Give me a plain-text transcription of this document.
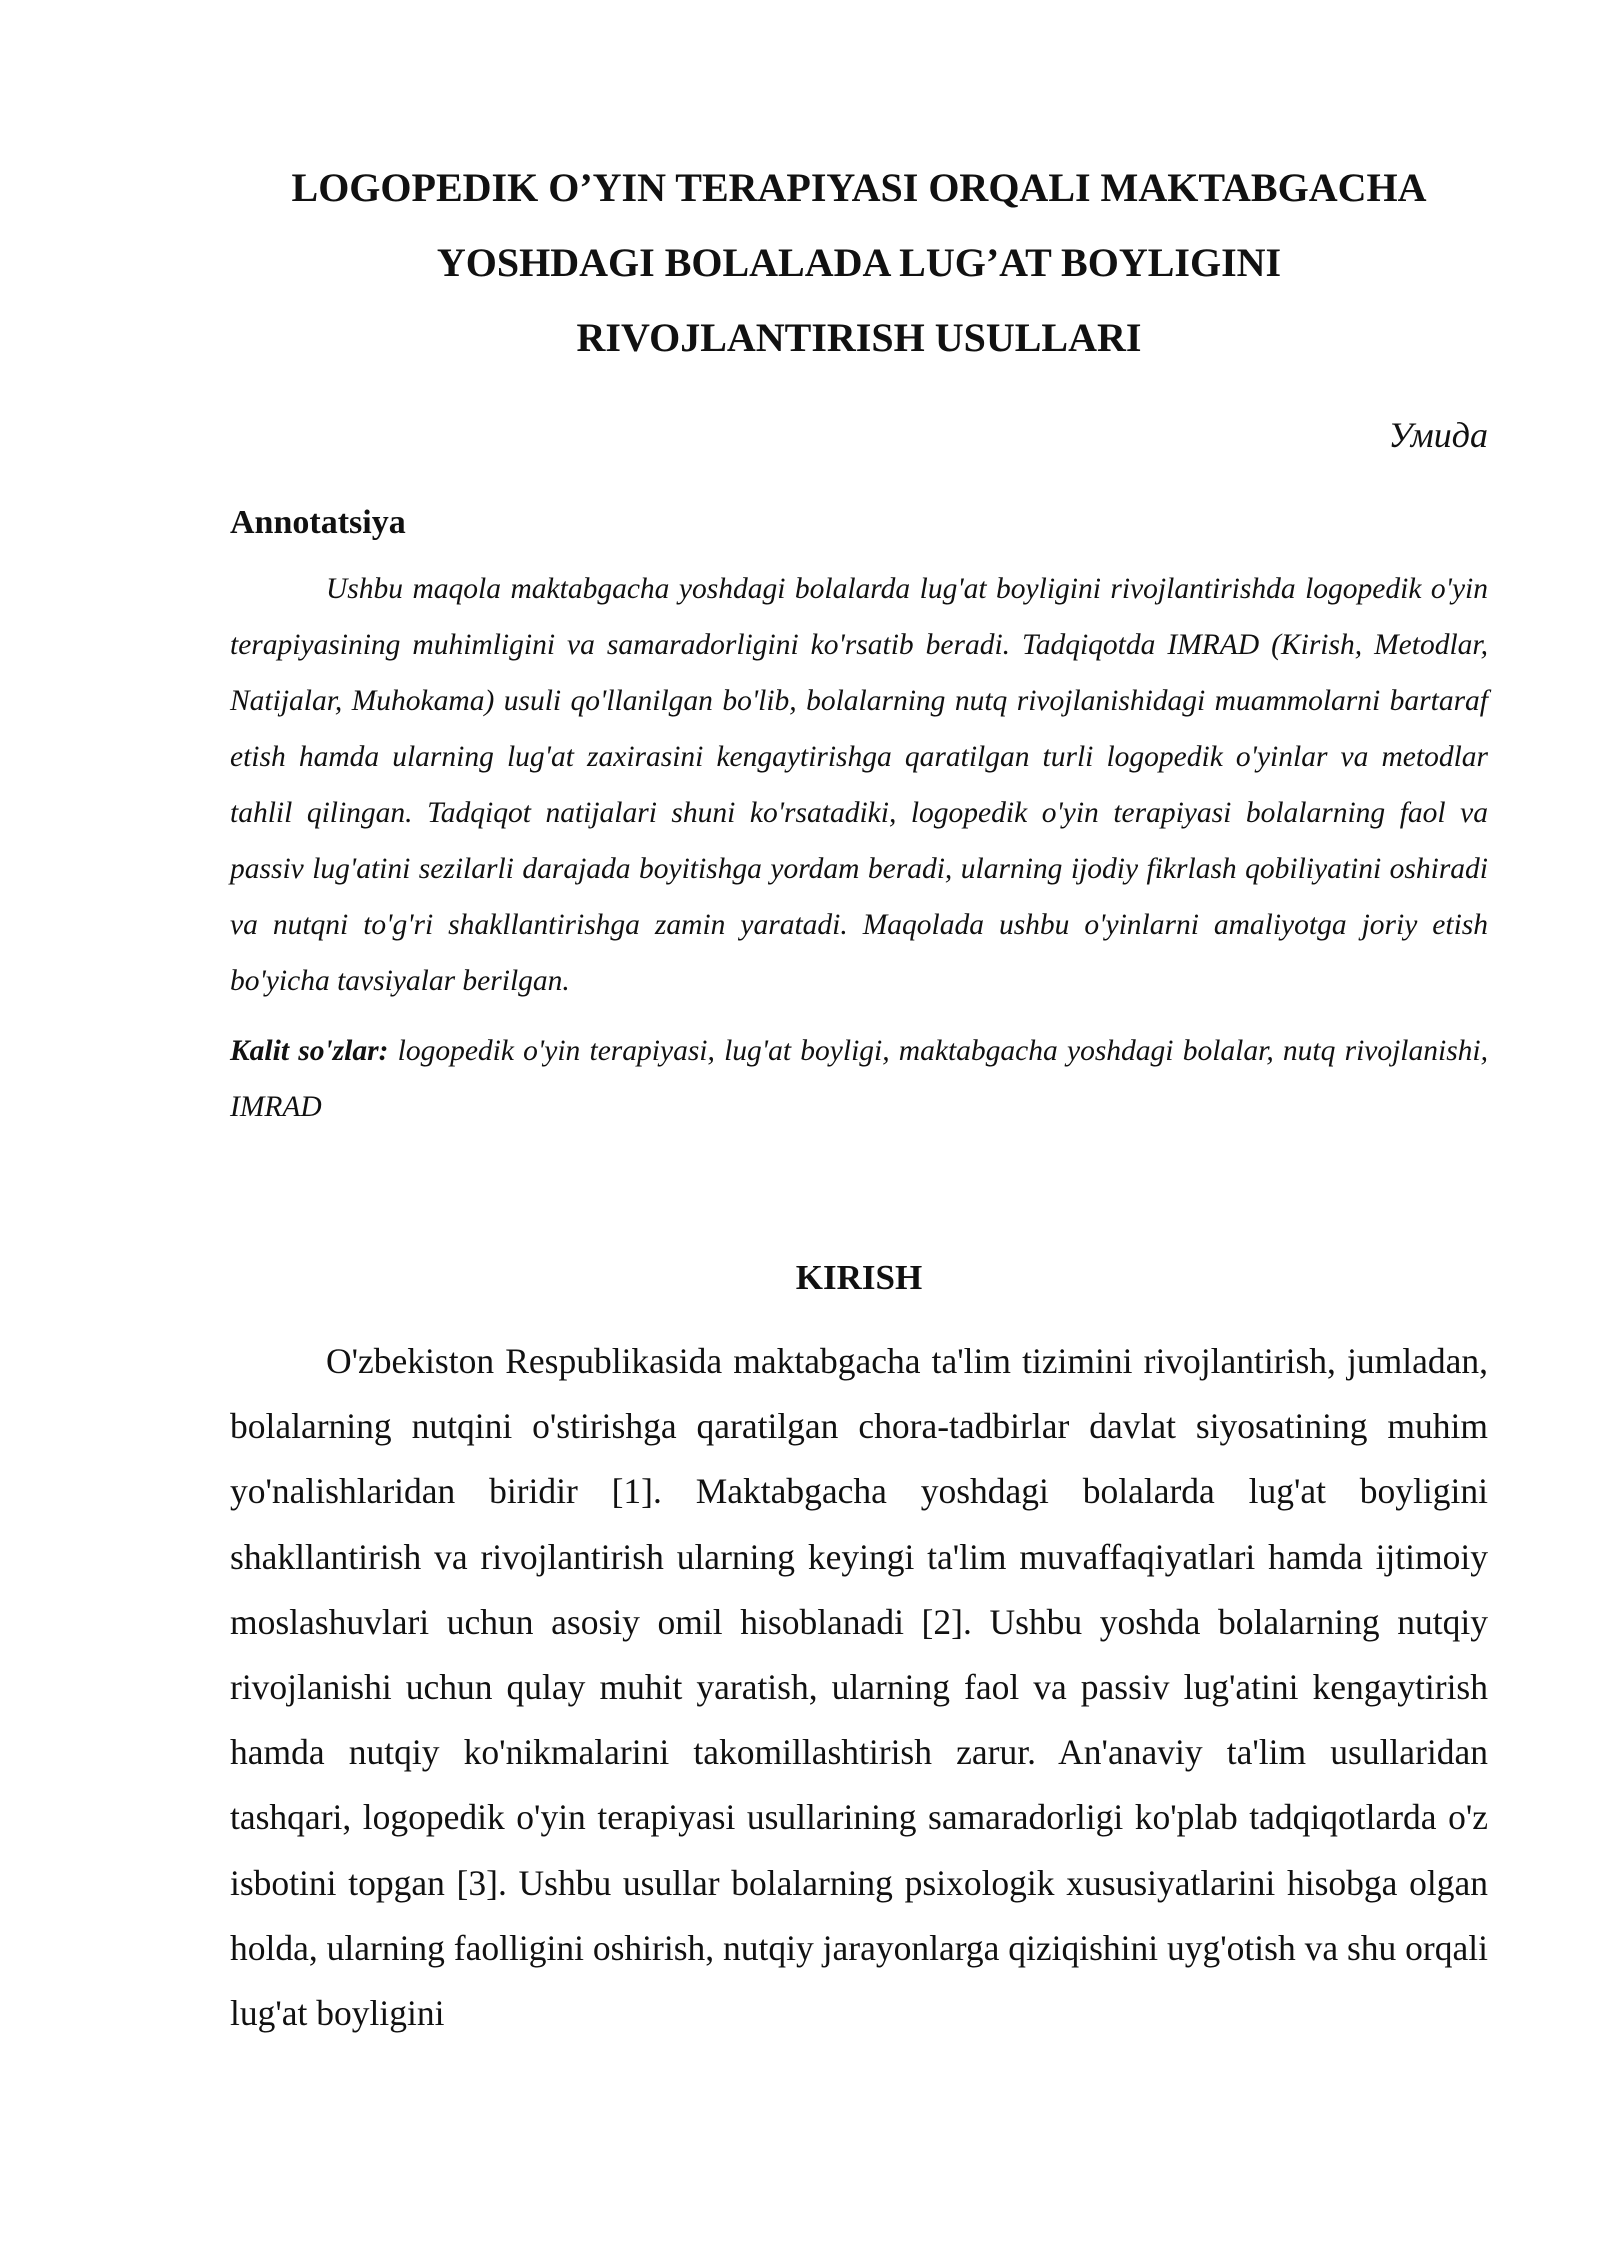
LOGOPEDIK O’YIN TERAPIYASI ORQALI MAKTABGACHA
YOSHDAGI BOLALADA LUG’AT BOYLIGINI
RIVOJLANTIRISH USULLARI
Умида
Annotatsiya

Ushbu maqola maktabgacha yoshdagi bolalarda lug'at boyligini rivojlantirishda logopedik o'yin terapiyasining muhimligini va samaradorligini ko'rsatib beradi. Tadqiqotda IMRAD (Kirish, Metodlar, Natijalar, Muhokama) usuli qo'llanilgan bo'lib, bolalarning nutq rivojlanishidagi muammolarni bartaraf etish hamda ularning lug'at zaxirasini kengaytirishga qaratilgan turli logopedik o'yinlar va metodlar tahlil qilingan. Tadqiqot natijalari shuni ko'rsatadiki, logopedik o'yin terapiyasi bolalarning faol va passiv lug'atini sezilarli darajada boyitishga yordam beradi, ularning ijodiy fikrlash qobiliyatini oshiradi va nutqni to'g'ri shakllantirishga zamin yaratadi. Maqolada ushbu o'yinlarni amaliyotga joriy etish bo'yicha tavsiyalar berilgan.

Kalit so'zlar: logopedik o'yin terapiyasi, lug'at boyligi, maktabgacha yoshdagi bolalar, nutq rivojlanishi, IMRAD
KIRISH

O'zbekiston Respublikasida maktabgacha ta'lim tizimini rivojlantirish, jumladan, bolalarning nutqini o'stirishga qaratilgan chora-tadbirlar davlat siyosatining muhim yo'nalishlaridan biridir [1]. Maktabgacha yoshdagi bolalarda lug'at boyligini shakllantirish va rivojlantirish ularning keyingi ta'lim muvaffaqiyatlari hamda ijtimoiy moslashuvlari uchun asosiy omil hisoblanadi [2]. Ushbu yoshda bolalarning nutqiy rivojlanishi uchun qulay muhit yaratish, ularning faol va passiv lug'atini kengaytirish hamda nutqiy ko'nikmalarini takomillashtirish zarur. An'anaviy ta'lim usullaridan tashqari, logopedik o'yin terapiyasi usullarining samaradorligi ko'plab tadqiqotlarda o'z isbotini topgan [3]. Ushbu usullar bolalarning psixologik xususiyatlarini hisobga olgan holda, ularning faolligini oshirish, nutqiy jarayonlarga qiziqishini uyg'otish va shu orqali lug'at boyligini
